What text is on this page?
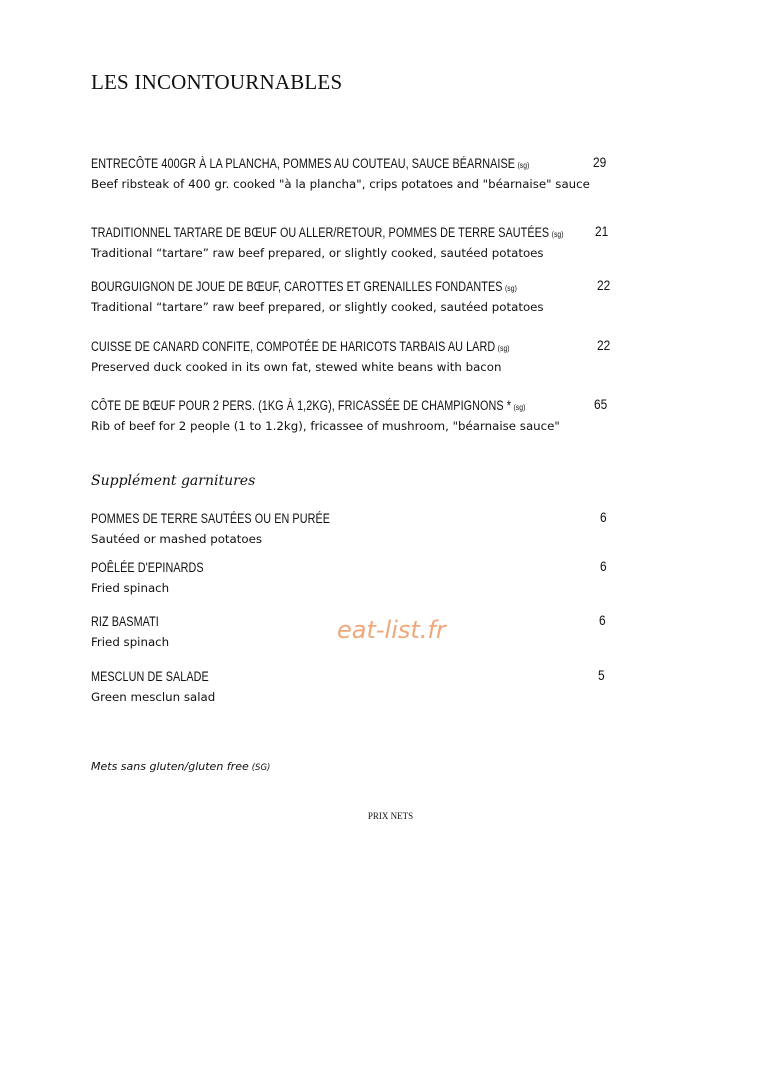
LES INCONTOURNABLES
ENTRECÔTE 400GR À LA PLANCHA, POMMES AU COUTEAU, SAUCE BÉARNAISE (sg)
Beef ribsteak of 400 gr. cooked "à la plancha", crips potatoes and "béarnaise" sauce
29
TRADITIONNEL TARTARE DE BŒUF OU ALLER/RETOUR, POMMES DE TERRE SAUTÉES (sg)
Traditional “tartare” raw beef prepared, or slightly cooked, sautéed potatoes
21
BOURGUIGNON DE JOUE DE BŒUF, CAROTTES ET GRENAILLES FONDANTES (sg)
Traditional “tartare” raw beef prepared, or slightly cooked, sautéed potatoes
22
CUISSE DE CANARD CONFITE, COMPOTÉE DE HARICOTS TARBAIS AU LARD (sg)
Preserved duck cooked in its own fat, stewed white beans with bacon
22
CÔTE DE BŒUF POUR 2 PERS. (1KG À 1,2KG), FRICASSÉE DE CHAMPIGNONS * (sg)
Rib of beef for 2 people (1 to 1.2kg), fricassee of mushroom, "béarnaise sauce"
65
Supplément garnitures
POMMES DE TERRE SAUTÉES OU EN PURÉE
Sautéed or mashed potatoes
6
POÊLÉE D'EPINARDS
Fried spinach
6
RIZ BASMATI
Fried spinach
6
MESCLUN DE SALADE
Green mesclun salad
5
eat-list.fr
Mets sans gluten/gluten free (SG)
PRIX NETS
